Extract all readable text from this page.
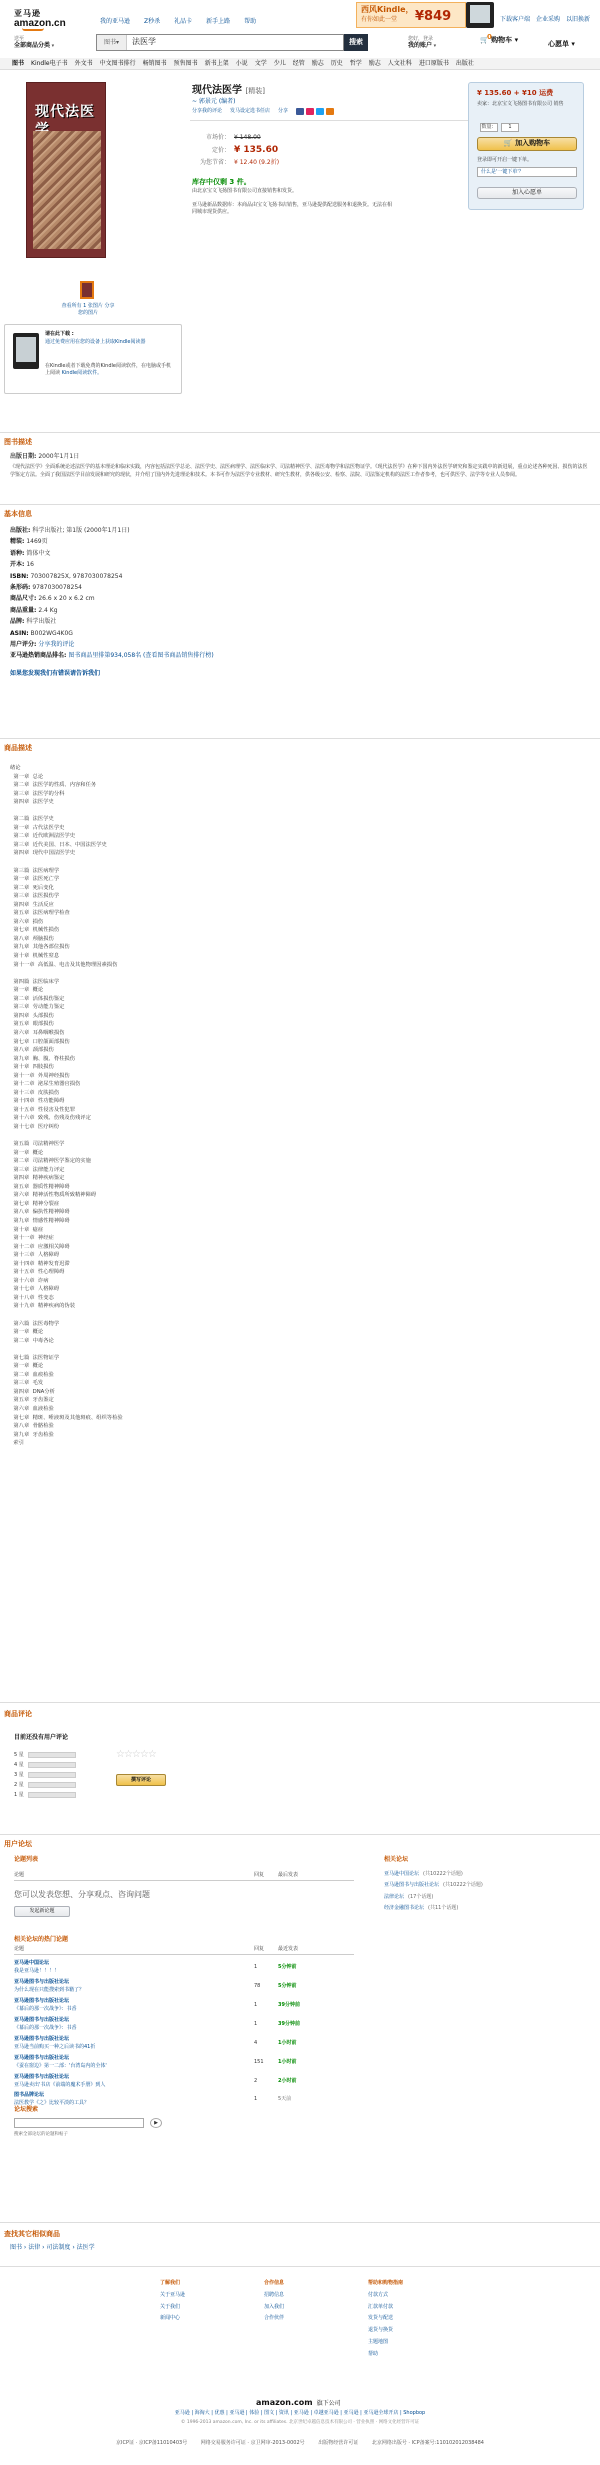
亚马逊
amazon.cn	我的亚马逊 Z秒杀 礼品卡 新手上路 帮助
西风Kindle，
有你如此一堂 ¥849	下载客户端 企业采购 以旧换新
送至
全部商品分类 ▾
图书 ▾	法医学	搜索	您好，登录
我的账户 ▾
🛒
0 购物车 ▾	心愿单 ▾
图书 Kindle电子书 外文书 中文图书排行 畅销图书 预售图书 新书上架 小说 文学 少儿 经管 励志 历史 哲学 励志 人文社科 进口原版书 出版社
现代法医
查看所有 1 张图片 分享您的图片
现代法医学 [精装]
~ 郭景元 (编者)
分享我的评论 发马设定选书任店 分享
市场价： ¥ 148.00
定价： ¥ 135.60
为您节省： ¥ 12.40 (9.2折)
库存中仅剩 3 件。
由北京宝文飞扬图书有限公司直接销售和发货。
亚马逊新品数据库：本商品由宝文飞扬书店销售，亚马逊提供配送服务和退换货。无法在相同城市现货供应。
¥ 135.60 + ¥10 运费
卖家：北京宝文飞扬图书有限公司 销售
数量： 1
🛒 加入购物车
登录即可开启一键下单。
什么是'一键下单'？
加入心愿单
请在此下载 :
通过免费应用在您的设备上获取Kindle阅读器
在Kindle或者下载免费的Kindle阅读软件，在电脑或手机上阅读 Kindle阅读软件。
图书描述
出版日期: 2000年1月1日
《现代法医学》全面系统论述法医学的基本理论和临床实践，内容包括法医学总论、法医学史、法医病理学、法医临床学、司法精神医学、法医毒物学和法医物证学。《现代法医学》在种下国内外法医学研究和鉴定实践中的新进展，重点论述各种死因、损伤的法医学鉴定方法。全面了我国法医学目前发展和研究的现状，并介绍了国内外先进理论和技术。本书可作为法医学专业教材、研究生教材，供各级公安、检察、法院、司法鉴定机构的法医工作者参考，也可供医学、法学等专业人员参阅。
基本信息
出版社: 科学出版社; 第1版 (2000年1月1日)
精装: 1469页
语种: 简体中文
开本: 16
ISBN: 703007825X, 9787030078254
条形码: 9787030078254
商品尺寸: 26.6 x 20 x 6.2 cm
商品重量: 2.4 Kg
品牌: 科学出版社
ASIN: B002WG4K0G
用户评分: 分享我的评论
亚马逊热销商品排名: 图书商品里排第934,058名 (查看图书商品销售排行榜)
如果您发现我们有错误请告诉我们
商品描述
绪论
第一章  总论
第二章  法医学的性质、内容和任务
第三章  法医学的分科
第四章  法医学史

第二篇  法医学史
第一章  古代法医学史
第二章  近代欧洲法医学史
第三章  近代美国、日本、中国法医学史
第四章  现代中国法医学史

第三篇  法医病理学
第一章  法医死亡学
第二章  死后变化
第三章  法医损伤学
第四章  生活反应
第五章  法医病理学检查
第六章  损伤
第七章  机械性损伤
第八章  颅脑损伤
第九章  其他各部位损伤
第十章  机械性窒息
第十一章  高低温、电击及其他物理因素损伤

第四篇  法医临床学
第一章  概论
第二章  活体损伤鉴定
第三章  劳动能力鉴定
第四章  头部损伤
第五章  眼部损伤
第六章  耳鼻咽喉损伤
第七章  口腔颌面部损伤
第八章  颈部损伤
第九章  胸、腹、脊柱损伤
第十章  四肢损伤
第十一章  外周神经损伤
第十二章  泌尿生殖器官损伤
第十三章  皮肤损伤
第十四章  性功能障碍
第十五章  性侵害及性犯罪
第十六章  致残、伤残及伤残评定
第十七章  医疗纠纷

第五篇  司法精神医学
第一章  概论
第二章  司法精神医学鉴定的实施
第三章  法律能力评定
第四章  精神疾病鉴定
第五章  器质性精神障碍
第六章  精神活性物质所致精神障碍
第七章  精神分裂症
第八章  偏执性精神障碍
第九章  情感性精神障碍
第十章  癔症
第十一章  神经症
第十二章  应激相关障碍
第十三章  人格障碍
第十四章  精神发育迟滞
第十五章  性心理障碍
第十六章  诈病
第十七章  人格障碍
第十八章  性变态
第十九章  精神疾病的伪装

第六篇  法医毒物学
第一章  概论
第二章  中毒各论

第七篇  法医物证学
第一章  概论
第二章  血痕检验
第三章  毛发
第四章  DNA分析
第五章  牙齿鉴定
第六章  血液检验
第七章  精斑、唾液斑及其他斑痕、组织等检验
第八章  骨骼检验
第九章  牙齿检验
索引
商品评论
目前还没有用户评论
5 星
4 星
3 星
2 星
1 星
☆☆☆☆☆
撰写评论
用户论坛
论题列表
论题	回复	最后发表
您可以发表您想、分享观点、咨询问题
发起新论题
相关论坛的热门论题
论题	回复	最近发表
亚马逊中国论坛
我是亚马逊！！！！
1	5分钟前
亚马逊图书与出版社论坛
为什么现在只能搜索到书籍了？
78	5分钟前
亚马逊图书与出版社论坛
《幕后的那一次战争》：书香
1	39分钟前
亚马逊图书与出版社论坛
《幕后的那一次战争》：书香
1	39分钟前
亚马逊图书与出版社论坛
亚马逊当前购买一种之后读书的41折
4	1小时前
亚马逊图书与出版社论坛
《蚕在窗边》第一二部：'台湾岛内的全体'
151	1小时前
亚马逊图书与出版社论坛
亚马逊卖出'书店《前端的魔术手册》到人
2	2小时前
图书品牌论坛
法医教学《之》比较平淡的工具？
1	5天前
论坛搜索
▶
搜索全部论坛的论题和帖子
相关论坛
亚马逊中国论坛 (共10222个话题)
亚马逊图书与出版社论坛 (共10222个话题)
法律论坛 (17个话题)
经济金融图书论坛 (共11个话题)
查找其它相似商品
图书 › 法律 › 司法制度 › 法医学
了解我们
关于亚马逊
关于我们
新闻中心
合作信息
招聘信息
加入我们
合作伙伴
帮助和购物指南
付款方式
汇款单付款
发货与配送
退货与换货
主题地图
帮助
amazon.com 旗下公司
亚马逊 | 海淘大 | 优惠 | 亚马逊 | 体验 | 图文 | 资讯 | 亚马逊 | 卓越亚马逊 | 亚马逊 | 亚马逊全球开店 | Shopbop
© 1996-2013 amazon.com, Inc. or its affiliates. 北京世纪卓越信息技术有限公司 · 营业执照 · 网络文化经营许可证
京ICP证 · 京ICP备11010403号	网络交易服务许可证 · 京卫网审-2013-0002号	出版物经营许可证	北京网络出版号 · ICP备案号:110102012038484
